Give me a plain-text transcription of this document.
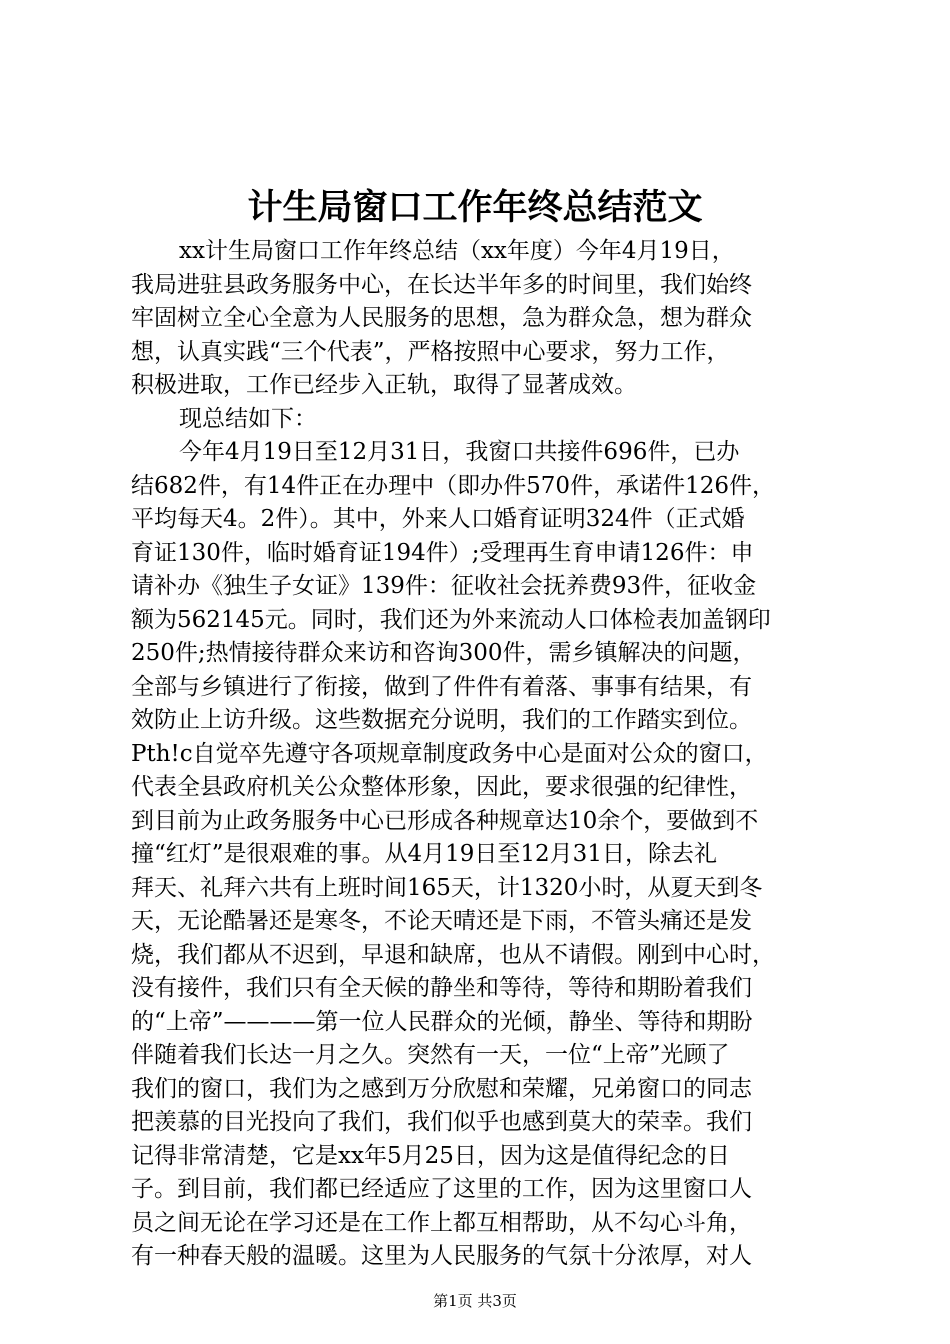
计生局窗口工作年终总结范文
xx计生局窗口工作年终总结（xx年度）今年4月19日，
我局进驻县政务服务中心，在长达半年多的时间里，我们始终
牢固树立全心全意为人民服务的思想，急为群众急，想为群众
想，认真实践“三个代表”，严格按照中心要求，努力工作，
积极进取，工作已经步入正轨，取得了显著成效。
现总结如下：
今年4月19日至12月31日，我窗口共接件696件，已办
结682件，有14件正在办理中（即办件570件，承诺件126件，
平均每天4。2件）。其中，外来人口婚育证明324件（正式婚
育证130件，临时婚育证194件）;受理再生育申请126件：申
请补办《独生子女证》139件：征收社会抚养费93件，征收金
额为562145元。同时，我们还为外来流动人口体检表加盖钢印
250件;热情接待群众来访和咨询300件，需乡镇解决的问题，
全部与乡镇进行了衔接，做到了件件有着落、事事有结果，有
效防止上访升级。这些数据充分说明，我们的工作踏实到位。
Pth!c自觉卒先遵守各项规章制度政务中心是面对公众的窗口，
代表全县政府机关公众整体形象，因此，要求很强的纪律性，
到目前为止政务服务中心已形成各种规章达10余个，要做到不
撞“红灯”是很艰难的事。从4月19日至12月31日，除去礼
拜天、礼拜六共有上班时间165天，计1320小时，从夏天到冬
天，无论酷暑还是寒冬，不论天晴还是下雨，不管头痛还是发
烧，我们都从不迟到，早退和缺席，也从不请假。刚到中心时，
没有接件，我们只有全天候的静坐和等待，等待和期盼着我们
的“上帝”————第一位人民群众的光倾，静坐、等待和期盼
伴随着我们长达一月之久。突然有一天，一位“上帝”光顾了
我们的窗口，我们为之感到万分欣慰和荣耀，兄弟窗口的同志
把羡慕的目光投向了我们，我们似乎也感到莫大的荣幸。我们
记得非常清楚，它是xx年5月25日，因为这是值得纪念的日
子。到目前，我们都已经适应了这里的工作，因为这里窗口人
员之间无论在学习还是在工作上都互相帮助，从不勾心斗角，
有一种春天般的温暖。这里为人民服务的气氛十分浓厚，对人
第1页 共3页
